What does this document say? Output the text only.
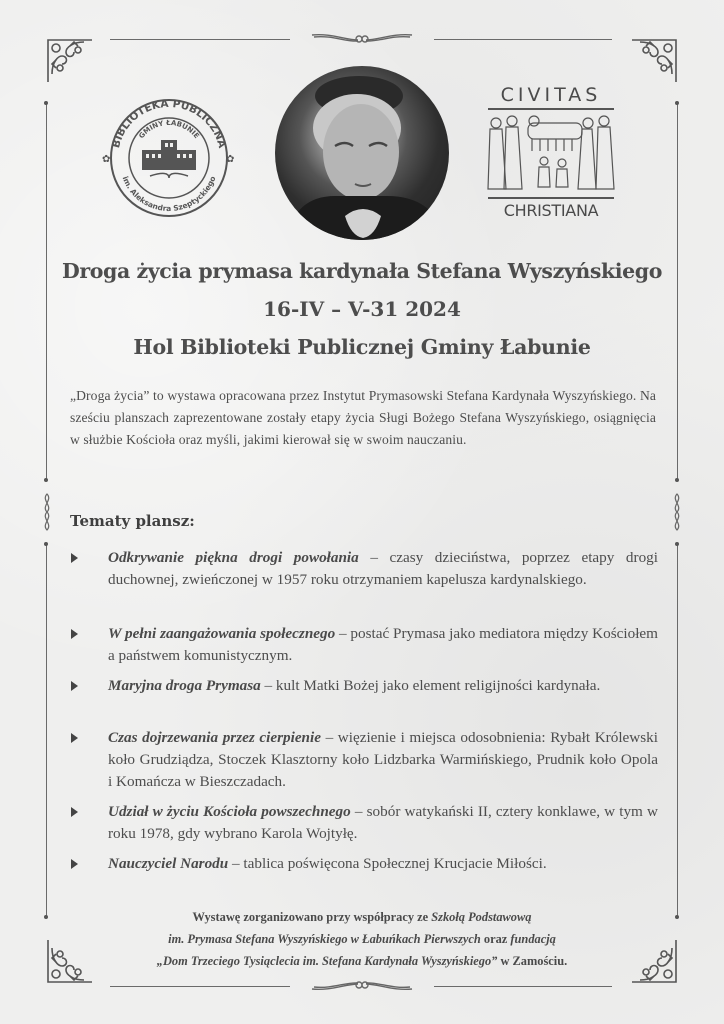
BIBLIOTEKA PUBLICZNA
GMINY ŁABUNIE
im. Aleksandra Szeptyckiego
✿	✿
CIVITAS
CHRISTIANA
Droga życia prymasa kardynała Stefana Wyszyńskiego
16-IV – V-31 2024
Hol Biblioteki Publicznej Gminy Łabunie
„Droga życia” to wystawa opracowana przez Instytut Prymasowski Stefana Kardynała Wyszyńskiego. Na sześciu planszach zaprezentowane zostały etapy życia Sługi Bożego Stefana Wyszyńskiego, osiągnięcia w służbie Kościoła oraz myśli, jakimi kierował się w swoim nauczaniu.
Tematy plansz:
Odkrywanie piękna drogi powołania – czasy dzieciństwa, poprzez etapy drogi duchownej, zwieńczonej w 1957 roku otrzymaniem kapelusza kardynalskiego.
W pełni zaangażowania społecznego – postać Prymasa jako mediatora między Kościołem a państwem komunistycznym.
Maryjna droga Prymasa – kult Matki Bożej jako element religijności kardynała.
Czas dojrzewania przez cierpienie – więzienie i miejsca odosobnienia: Rybałt Królewski koło Grudziądza, Stoczek Klasztorny koło Lidzbarka Warmińskiego, Prudnik koło Opola i Komańcza w Bieszczadach.
Udział w życiu Kościoła powszechnego – sobór watykański II, cztery konklawe, w tym w roku 1978, gdy wybrano Karola Wojtyłę.
Nauczyciel Narodu – tablica poświęcona Społecznej Krucjacie Miłości.
Wystawę zorganizowano przy współpracy ze Szkołą Podstawową
im. Prymasa Stefana Wyszyńskiego w Łabuńkach Pierwszych oraz fundacją
„Dom Trzeciego Tysiąclecia im. Stefana Kardynała Wyszyńskiego” w Zamościu.
